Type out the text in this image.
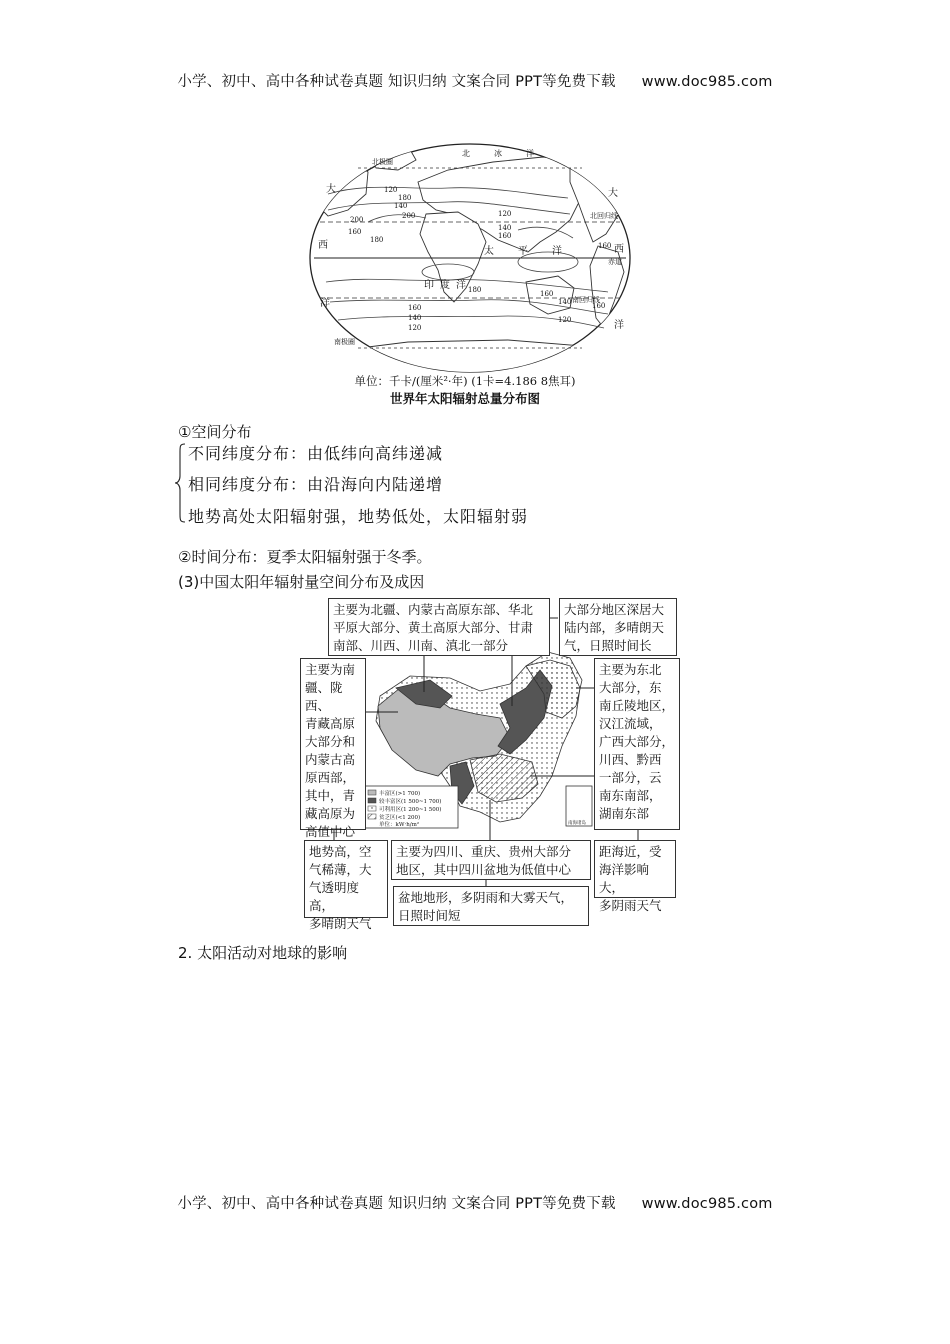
小学、初中、高中各种试卷真题 知识归纳 文案合同 PPT等免费下载 www.doc985.com
北	冰	洋
大
西
洋
太 平 洋
大
西
洋
印 度 洋
北回归线
赤道
南回归线
北极圈
南极圈
120
140
160
180
200
120
140
160
180
200
160
140
120
180
160
140
120
160
160
单位：千卡/(厘米²·年) (1卡=4.186 8焦耳)
世界年太阳辐射总量分布图
①空间分布
不同纬度分布：由低纬向高纬递减
相同纬度分布：由沿海向内陆递增
地势高处太阳辐射强，地势低处，太阳辐射弱
②时间分布：夏季太阳辐射强于冬季。
(3)中国太阳年辐射量空间分布及成因
丰富区(>1 700)
较丰富区(1 500~1 700)
可利用区(1 200~1 500)
贫乏区(<1 200)
单位：kW·h/m²	南海诸岛
主要为北疆、内蒙古高原东部、华北
平原大部分、黄土高原大部分、甘肃
南部、川西、川南、滇北一部分
大部分地区深居大
陆内部，多晴朗天
气，日照时间长
主要为南
疆、陇西、
青藏高原
大部分和
内蒙古高
原西部，
其中，青
藏高原为
高值中心
主要为东北
大部分，东
南丘陵地区，
汉江流域，
广西大部分，
川西、黔西
一部分，云
南东南部，
湖南东部
地势高，空
气稀薄，大
气透明度高，
多晴朗天气
主要为四川、重庆、贵州大部分
地区，其中四川盆地为低值中心
盆地地形，多阴雨和大雾天气，
日照时间短
距海近，受
海洋影响大，
多阴雨天气
2. 太阳活动对地球的影响
小学、初中、高中各种试卷真题 知识归纳 文案合同 PPT等免费下载 www.doc985.com
